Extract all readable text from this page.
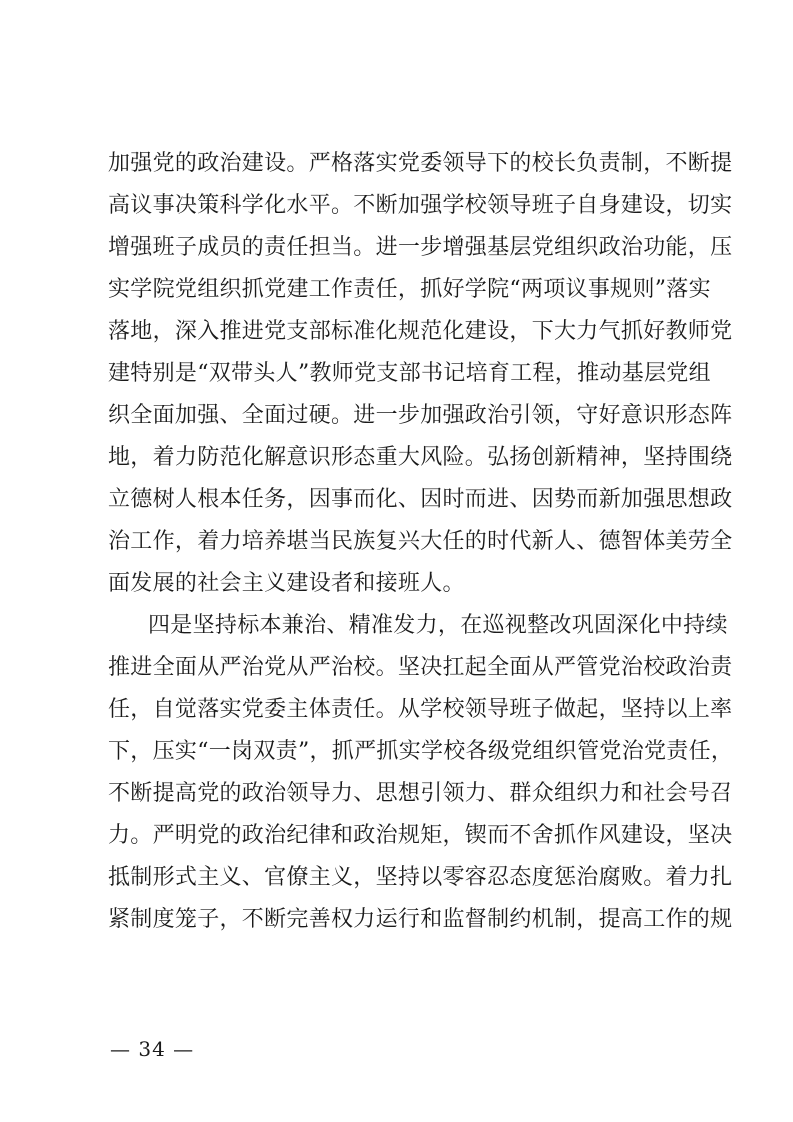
加强党的政治建设。严格落实党委领导下的校长负责制，不断提
高议事决策科学化水平。不断加强学校领导班子自身建设，切实
增强班子成员的责任担当。进一步增强基层党组织政治功能，压
实学院党组织抓党建工作责任，抓好学院“两项议事规则”落实
落地，深入推进党支部标准化规范化建设，下大力气抓好教师党
建特别是“双带头人”教师党支部书记培育工程，推动基层党组
织全面加强、全面过硬。进一步加强政治引领，守好意识形态阵
地，着力防范化解意识形态重大风险。弘扬创新精神，坚持围绕
立德树人根本任务，因事而化、因时而进、因势而新加强思想政
治工作，着力培养堪当民族复兴大任的时代新人、德智体美劳全
面发展的社会主义建设者和接班人。
四是坚持标本兼治、精准发力，在巡视整改巩固深化中持续
推进全面从严治党从严治校。坚决扛起全面从严管党治校政治责
任，自觉落实党委主体责任。从学校领导班子做起，坚持以上率
下，压实“一岗双责”，抓严抓实学校各级党组织管党治党责任，
不断提高党的政治领导力、思想引领力、群众组织力和社会号召
力。严明党的政治纪律和政治规矩，锲而不舍抓作风建设，坚决
抵制形式主义、官僚主义，坚持以零容忍态度惩治腐败。着力扎
紧制度笼子，不断完善权力运行和监督制约机制，提高工作的规
— 34 —
